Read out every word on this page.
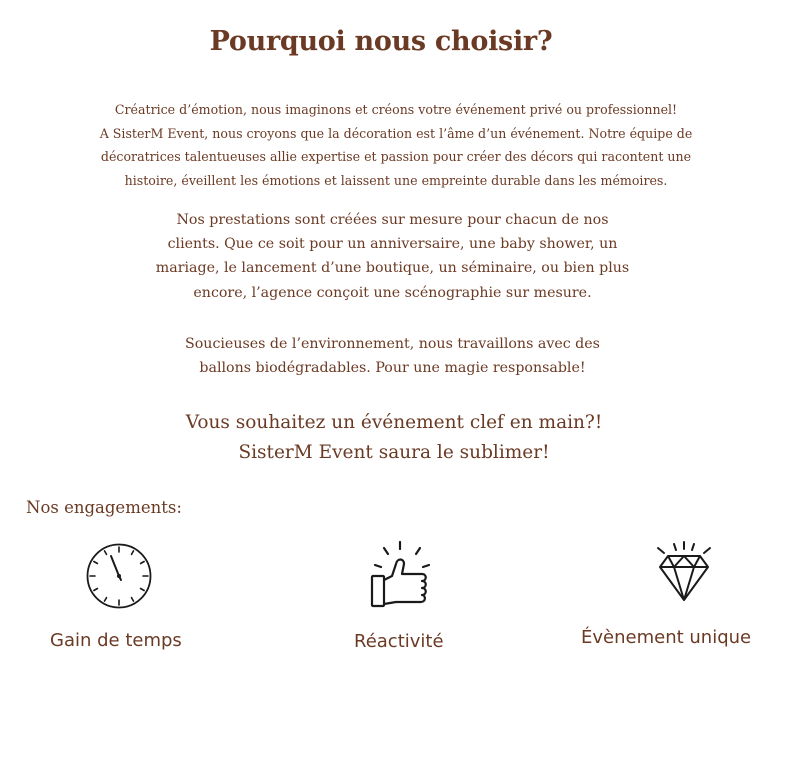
Pourquoi nous choisir?

Créatrice d’émotion, nous imaginons et créons votre événement privé ou professionnel!

A SisterM Event, nous croyons que la décoration est l’âme d’un événement. Notre équipe de

décoratrices talentueuses allie expertise et passion pour créer des décors qui racontent une

histoire, éveillent les émotions et laissent une empreinte durable dans les mémoires.

Nos prestations sont créées sur mesure pour chacun de nos
clients. Que ce soit pour un anniversaire, une baby shower, un
mariage, le lancement d’une boutique, un séminaire, ou bien plus
encore, l’agence conçoit une scénographie sur mesure.
Soucieuses de l’environnement, nous travaillons avec des
ballons biodégradables. Pour une magie responsable!
Vous souhaitez un événement clef en main?!
SisterM Event saura le sublimer!
Nos engagements:
Gain de temps	Réactivité	Évènement unique
